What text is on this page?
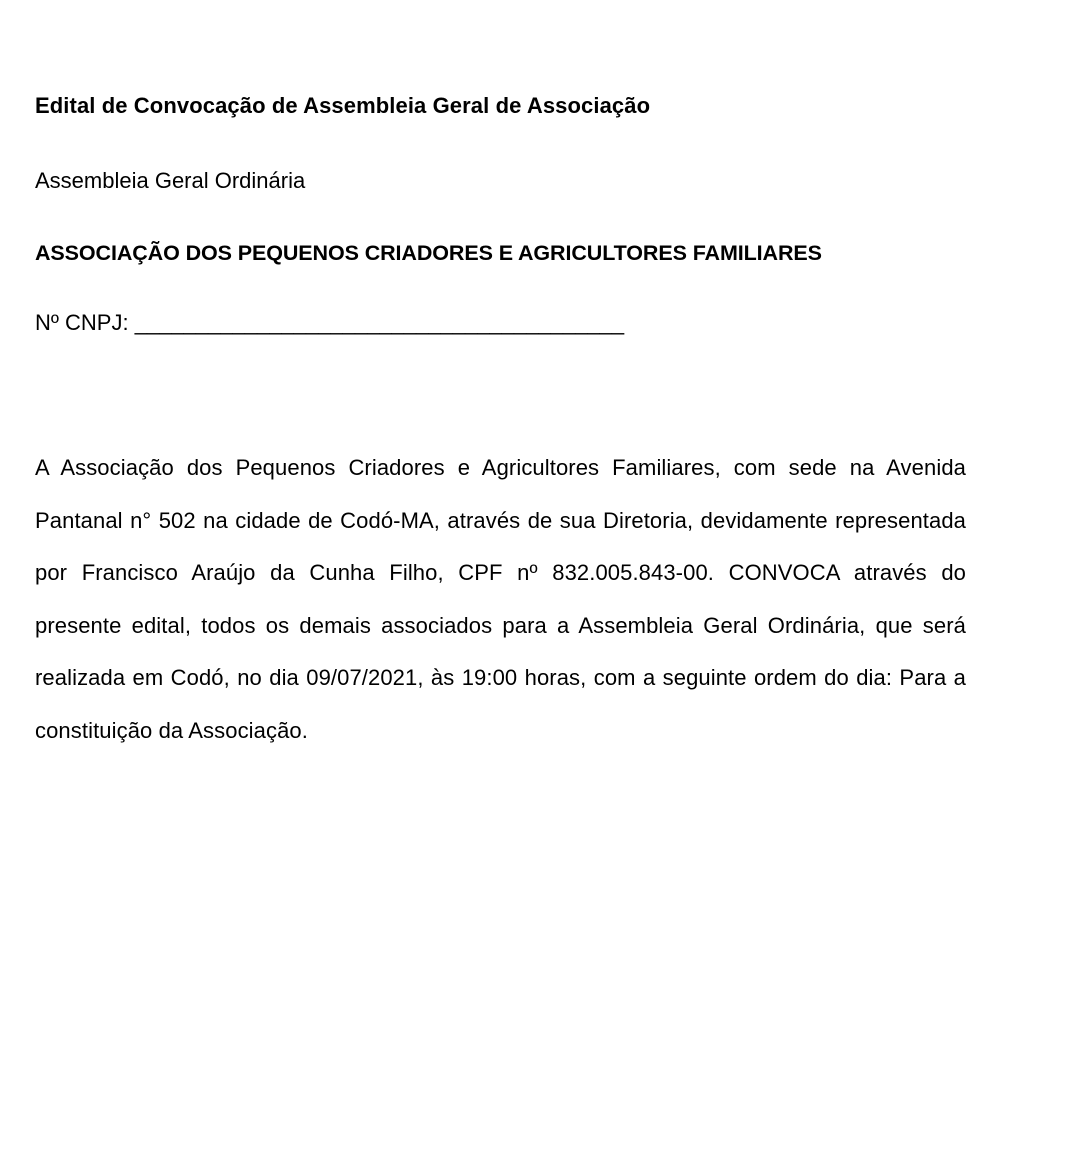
Edital de Convocação de Assembleia Geral de Associação

Assembleia Geral Ordinária

ASSOCIAÇÃO DOS PEQUENOS CRIADORES E AGRICULTORES FAMILIARES

Nº CNPJ: ________________________________________

A Associação dos Pequenos Criadores e Agricultores Familiares, com sede na Avenida Pantanal n° 502 na cidade de Codó-MA, através de sua Diretoria, devidamente representada por Francisco Araújo da Cunha Filho, CPF nº 832.005.843-00. CONVOCA através do presente edital, todos os demais associados para a Assembleia Geral Ordinária, que será realizada em Codó, no dia 09/07/2021, às 19:00 horas, com a seguinte ordem do dia: Para a constituição da Associação.
